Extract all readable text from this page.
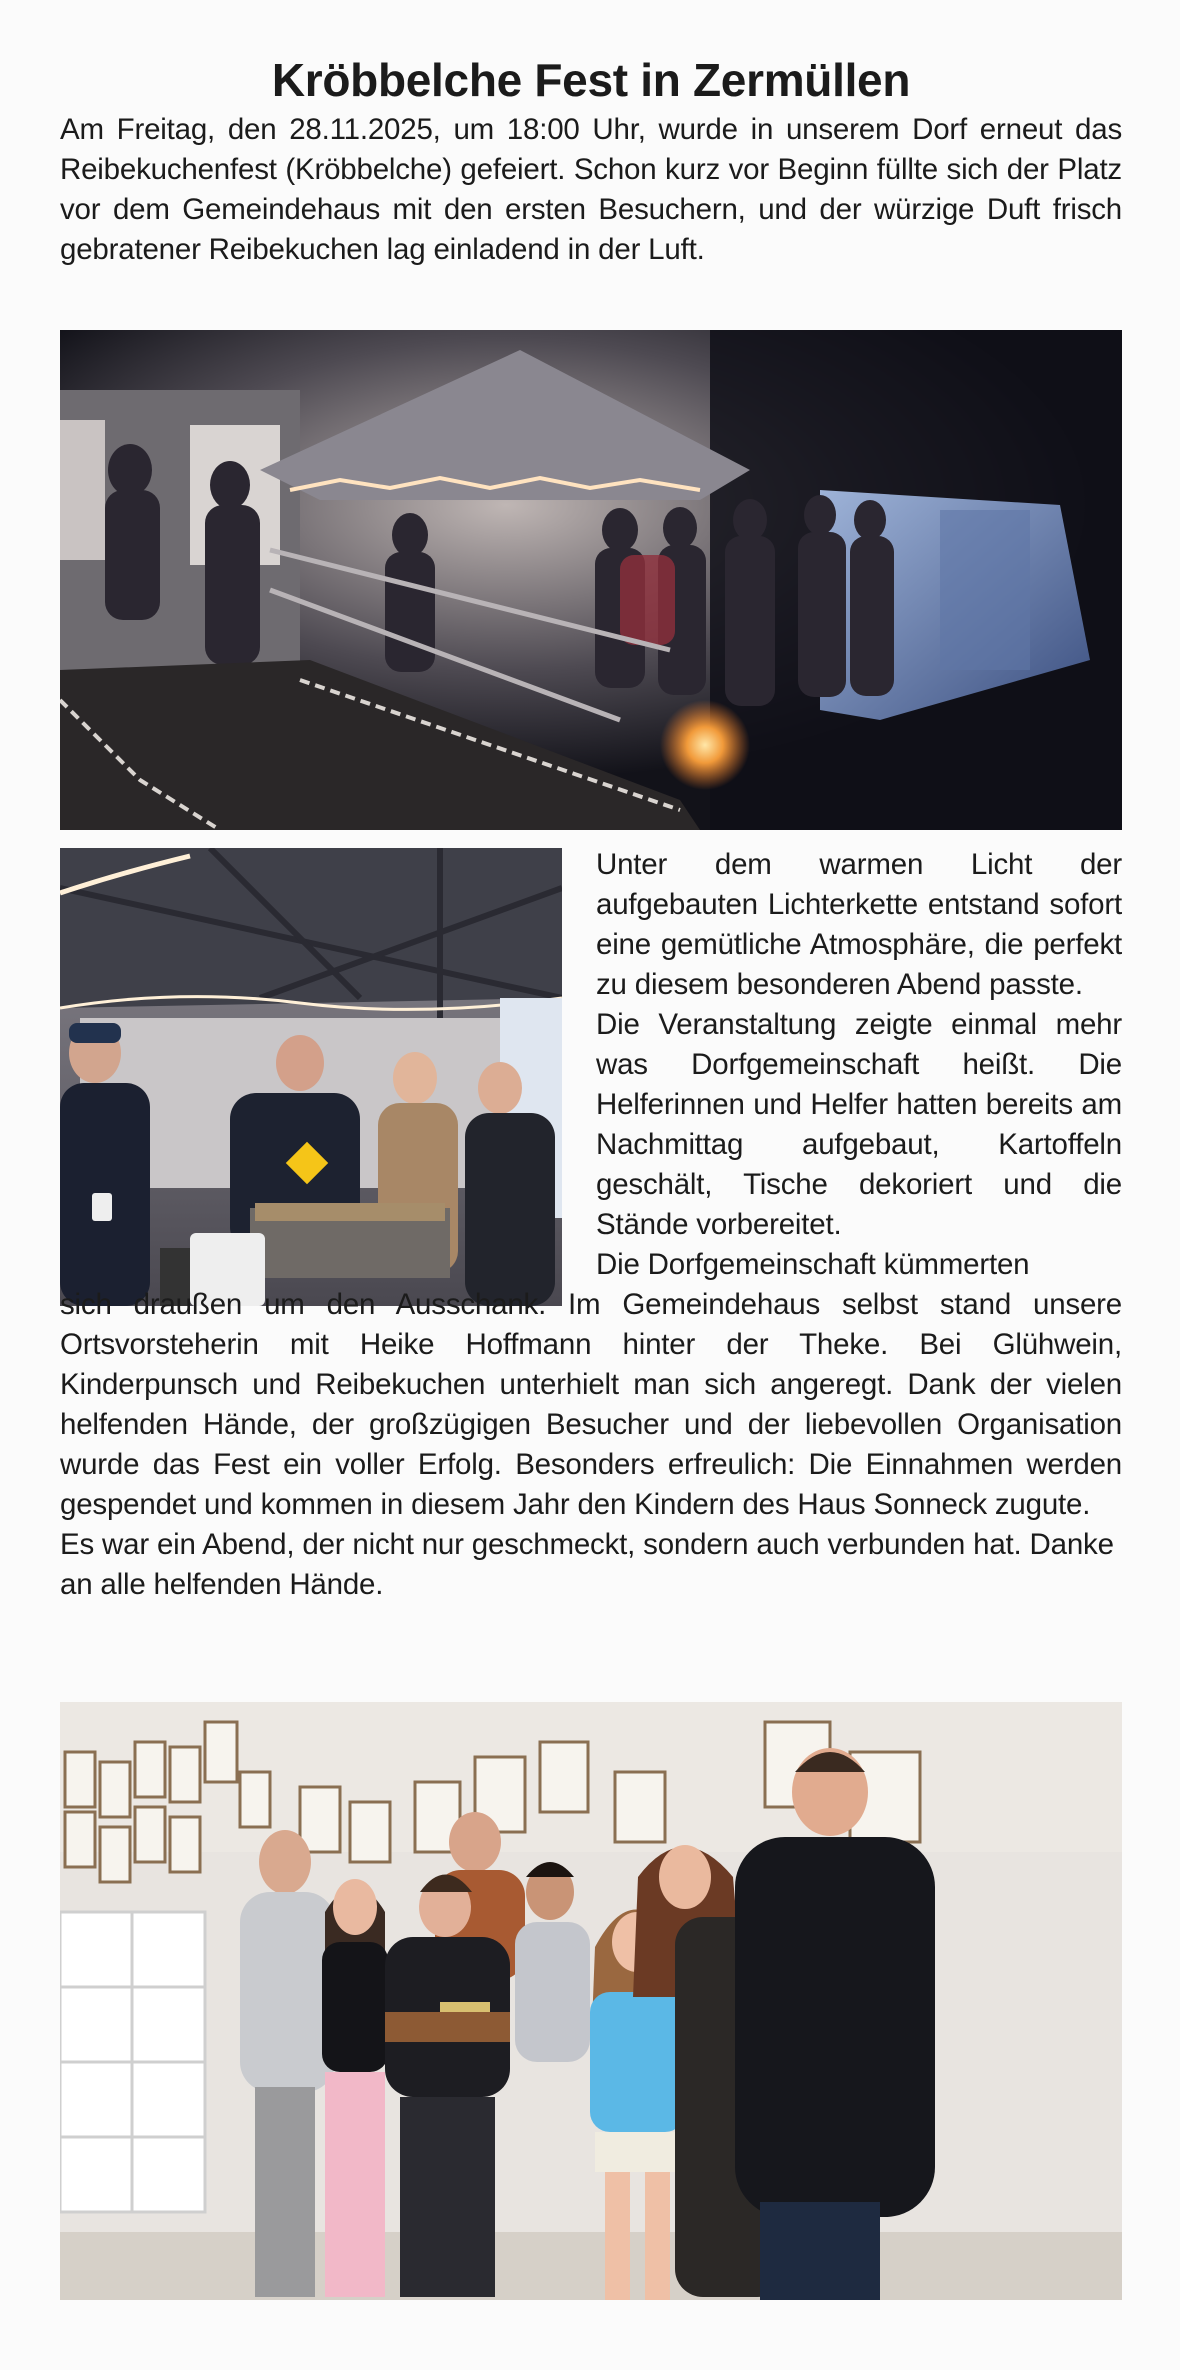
Kröbbelche Fest in Zermüllen

Am Freitag, den 28.11.2025, um 18:00 Uhr, wurde in unserem Dorf erneut das Reibekuchenfest (Kröbbelche) gefeiert. Schon kurz vor Beginn füllte sich der Platz vor dem Gemeindehaus mit den ersten Besuchern, und der würzige Duft frisch gebratener Reibekuchen lag einladend in der Luft.

Unter dem warmen Licht der aufgebauten Lichterkette entstand sofort eine gemütliche Atmosphäre, die perfekt zu diesem besonderen Abend passte.

Die Veranstaltung zeigte einmal mehr was Dorfgemeinschaft heißt. Die Helferinnen und Helfer hatten bereits am Nachmittag aufgebaut, Kartoffeln geschält, Tische dekoriert und die Stände vorbereitet.

Die Dorfgemeinschaft kümmerten

sich draußen um den Ausschank. Im Gemeindehaus selbst stand unsere Ortsvorsteherin mit Heike Hoffmann hinter der Theke. Bei Glühwein, Kinderpunsch und Reibekuchen unterhielt man sich angeregt. Dank der vielen helfenden Hände, der großzügigen Besucher und der liebevollen Organisation wurde das Fest ein voller Erfolg. Besonders erfreulich: Die Einnahmen werden gespendet und kommen in diesem Jahr den Kindern des Haus Sonneck zugute.

Es war ein Abend, der nicht nur geschmeckt, sondern auch verbunden hat. Danke an alle helfenden Hände.
